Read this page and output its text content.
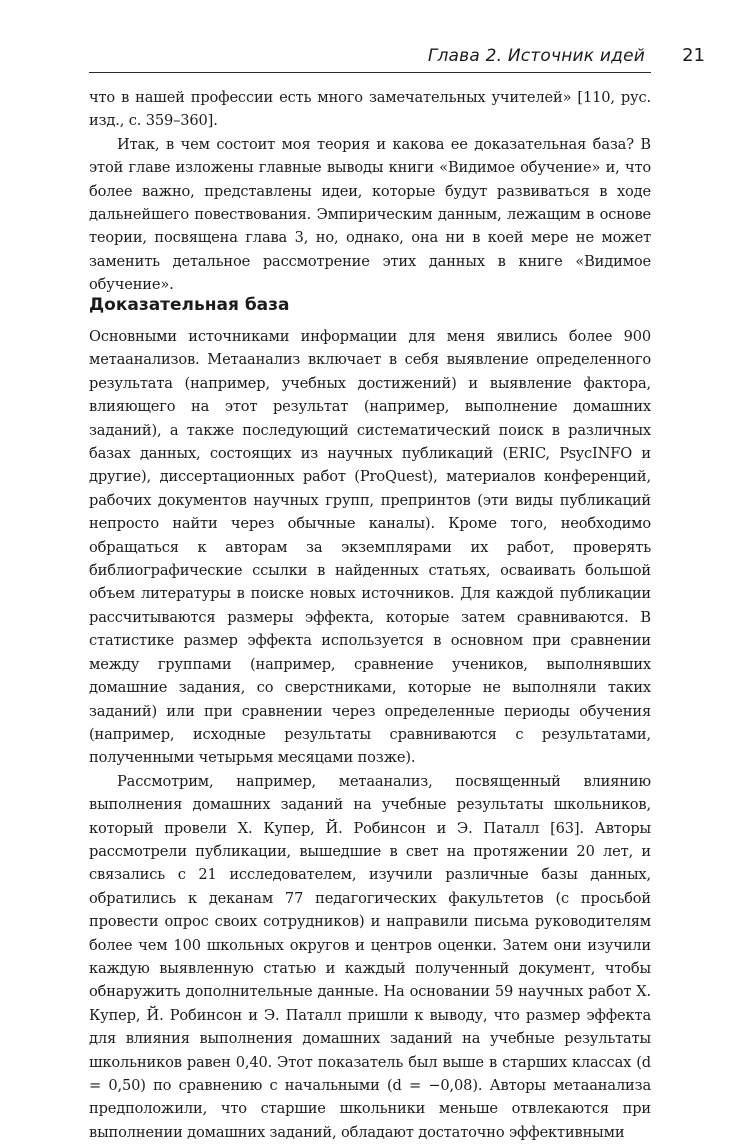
Глава 2. Источник идей 21

что в нашей профессии есть много замечательных учителей» [110, рус. изд., с. 359–360].

Итак, в чем состоит моя теория и какова ее доказательная база? В этой главе изложены главные выводы книги «Видимое обучение» и, что более важно, представлены идеи, которые будут развиваться в ходе дальнейшего повествования. Эмпирическим данным, лежащим в основе теории, посвящена глава 3, но, однако, она ни в коей мере не может заменить детальное рассмотрение этих данных в книге «Видимое обучение».

Доказательная база

Основными источниками информации для меня явились более 900 метаанализов. Метаанализ включает в себя выявление определенного результата (например, учебных достижений) и выявление фактора, влияющего на этот результат (например, выполнение домашних заданий), а также последующий систематический поиск в различных базах данных, состоящих из научных публикаций (ERIC, PsycINFO и другие), диссертационных работ (ProQuest), материалов конференций, рабочих документов научных групп, препринтов (эти виды публикаций непросто найти через обычные каналы). Кроме того, необходимо обращаться к авторам за экземплярами их работ, проверять библиографические ссылки в найденных статьях, осваивать большой объем литературы в поиске новых источников. Для каждой публикации рассчитываются размеры эффекта, которые затем сравниваются. В статистике размер эффекта используется в основном при сравнении между группами (например, сравнение учеников, выполнявших домашние задания, со сверстниками, которые не выполняли таких заданий) или при сравнении через определенные периоды обучения (например, исходные результаты сравниваются с результатами, полученными четырьмя месяцами позже).

Рассмотрим, например, метаанализ, посвященный влиянию выполнения домашних заданий на учебные результаты школьников, который провели Х. Купер, Й. Робинсон и Э. Паталл [63]. Авторы рассмотрели публикации, вышедшие в свет на протяжении 20 лет, и связались с 21 исследователем, изучили различные базы данных, обратились к деканам 77 педагогических факультетов (с просьбой провести опрос своих сотрудников) и направили письма руководителям более чем 100 школьных округов и центров оценки. Затем они изучили каждую выявленную статью и каждый полученный документ, чтобы обнаружить дополнительные данные. На основании 59 научных работ Х. Купер, Й. Робинсон и Э. Паталл пришли к выводу, что размер эффекта для влияния выполнения домашних заданий на учебные результаты школьников равен 0,40. Этот показатель был выше в старших классах (d = 0,50) по сравнению с начальными (d = −0,08). Авторы метаанализа предположили, что старшие школьники меньше отвлекаются при выполнении домашних заданий, обладают достаточно эффективными
